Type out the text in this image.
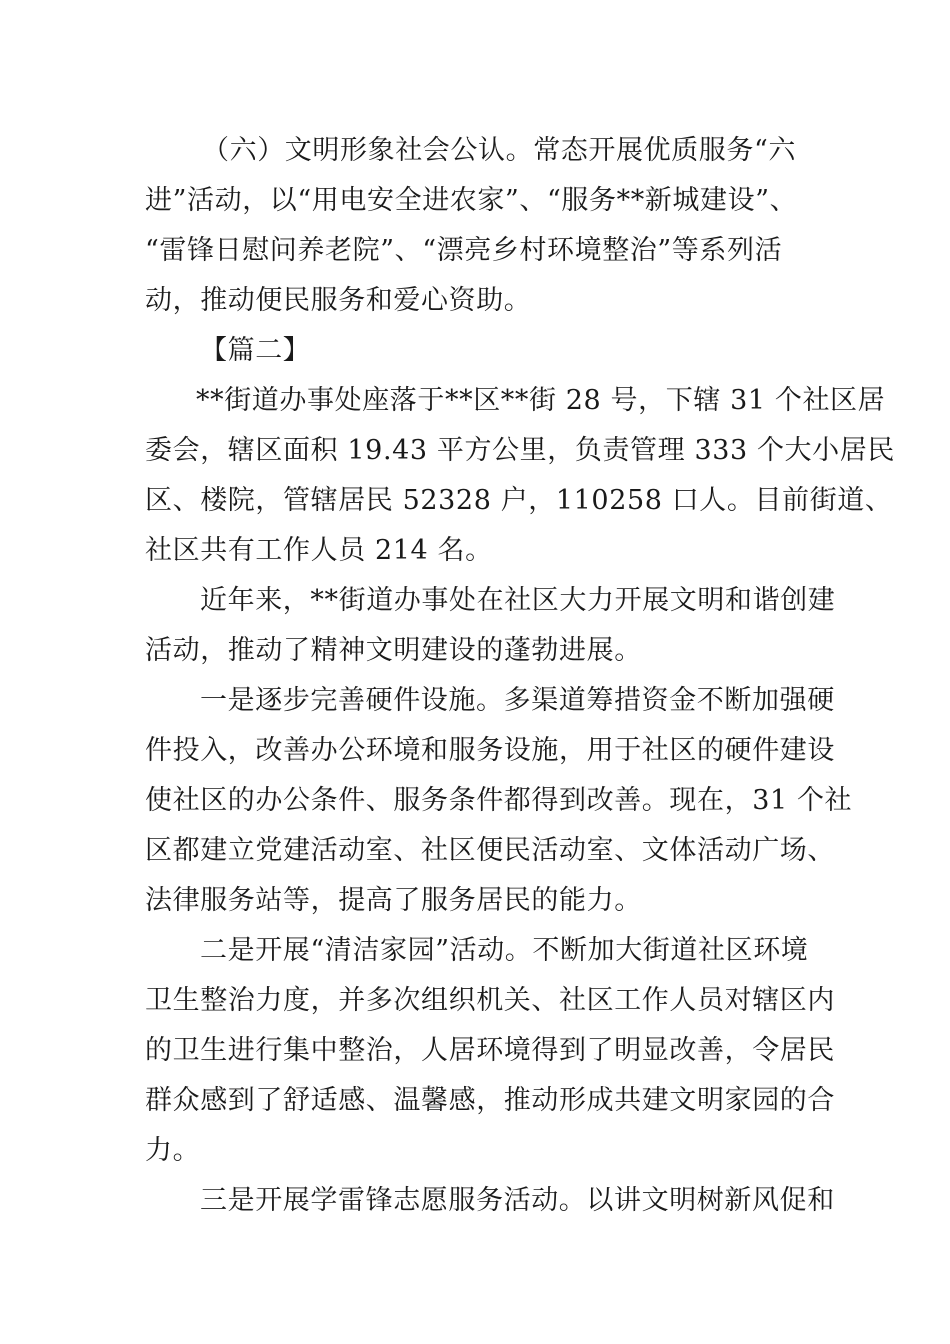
（六）文明形象社会公认。常态开展优质服务“六
进”活动，以“用电安全进农家”、“服务**新城建设”、
“雷锋日慰问养老院”、“漂亮乡村环境整治”等系列活
动，推动便民服务和爱心资助。
【篇二】
**街道办事处座落于**区**街 28 号，下辖 31 个社区居
委会，辖区面积 19.43 平方公里，负责管理 333 个大小居民
区、楼院，管辖居民 52328 户，110258 口人。目前街道、
社区共有工作人员 214 名。
近年来，**街道办事处在社区大力开展文明和谐创建
活动，推动了精神文明建设的蓬勃进展。
一是逐步完善硬件设施。多渠道筹措资金不断加强硬
件投入，改善办公环境和服务设施，用于社区的硬件建设
使社区的办公条件、服务条件都得到改善。现在，31 个社
区都建立党建活动室、社区便民活动室、文体活动广场、
法律服务站等，提高了服务居民的能力。
二是开展“清洁家园”活动。不断加大街道社区环境
卫生整治力度，并多次组织机关、社区工作人员对辖区内
的卫生进行集中整治，人居环境得到了明显改善，令居民
群众感到了舒适感、温馨感，推动形成共建文明家园的合
力。
三是开展学雷锋志愿服务活动。以讲文明树新风促和
